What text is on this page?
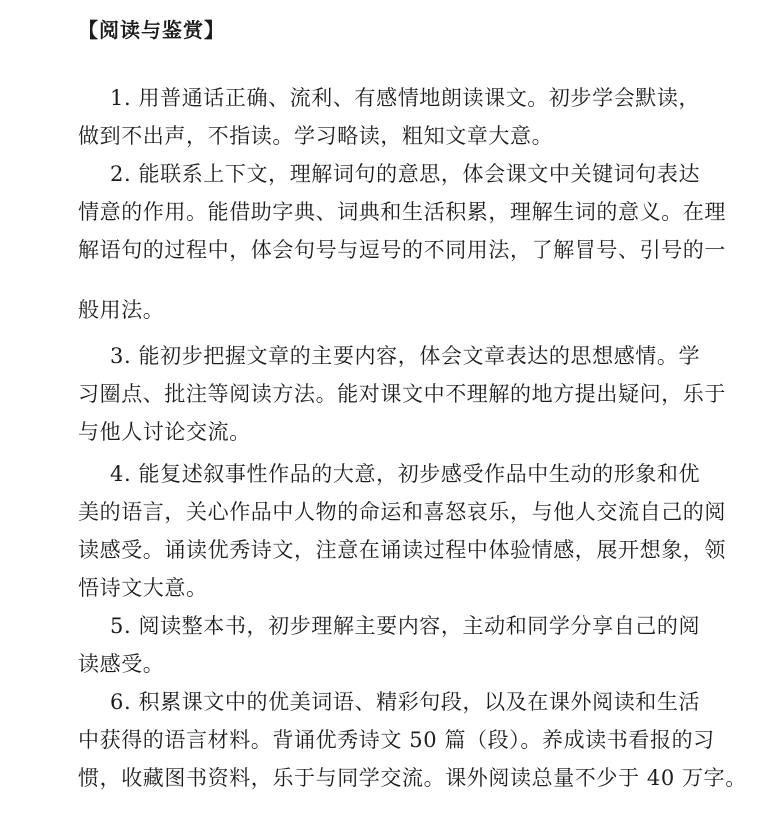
【阅读与鉴赏】
1. 用普通话正确、流利、有感情地朗读课文。初步学会默读，
做到不出声，不指读。学习略读，粗知文章大意。
2. 能联系上下文，理解词句的意思，体会课文中关键词句表达
情意的作用。能借助字典、词典和生活积累，理解生词的意义。在理
解语句的过程中，体会句号与逗号的不同用法，了解冒号、引号的一
般用法。
3. 能初步把握文章的主要内容，体会文章表达的思想感情。学
习圈点、批注等阅读方法。能对课文中不理解的地方提出疑问，乐于
与他人讨论交流。
4. 能复述叙事性作品的大意，初步感受作品中生动的形象和优
美的语言，关心作品中人物的命运和喜怒哀乐，与他人交流自己的阅
读感受。诵读优秀诗文，注意在诵读过程中体验情感，展开想象，领
悟诗文大意。
5. 阅读整本书，初步理解主要内容，主动和同学分享自己的阅
读感受。
6. 积累课文中的优美词语、精彩句段，以及在课外阅读和生活
中获得的语言材料。背诵优秀诗文 50 篇（段）。养成读书看报的习
惯，收藏图书资料，乐于与同学交流。课外阅读总量不少于 40 万字。
